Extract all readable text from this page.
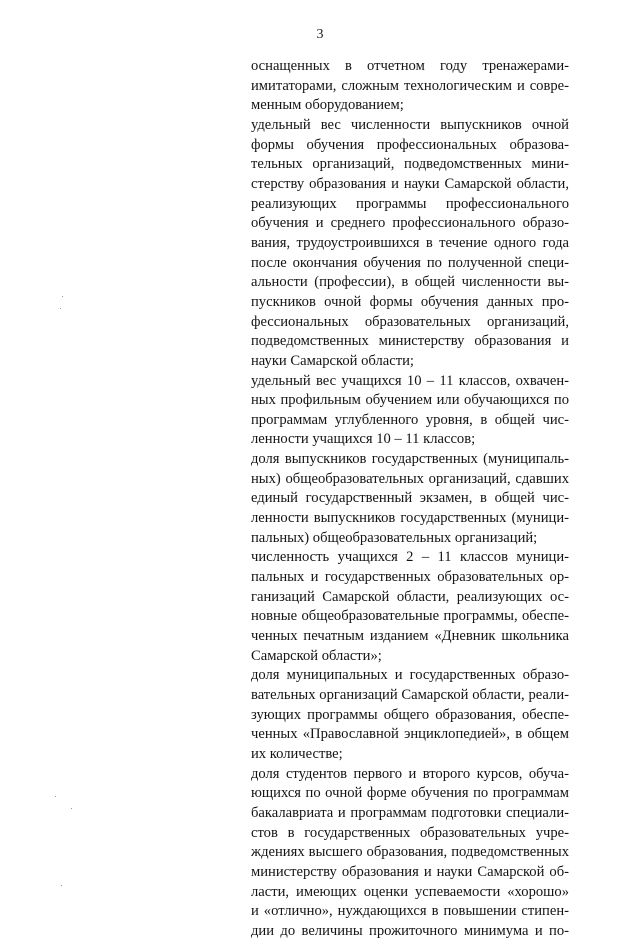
3
оснащенных в отчетном году тренажерами-
имитаторами, сложным технологическим и совре-
менным оборудованием;
удельный вес численности выпускников очной
формы обучения профессиональных образова-
тельных организаций, подведомственных мини-
стерству образования и науки Самарской области,
реализующих программы профессионального
обучения и среднего профессионального образо-
вания, трудоустроившихся в течение одного года
после окончания обучения по полученной специ-
альности (профессии), в общей численности вы-
пускников очной формы обучения данных про-
фессиональных образовательных организаций,
подведомственных министерству образования и
науки Самарской области;
удельный вес учащихся 10 – 11 классов, охвачен-
ных профильным обучением или обучающихся по
программам углубленного уровня, в общей чис-
ленности учащихся 10 – 11 классов;
доля выпускников государственных (муниципаль-
ных) общеобразовательных организаций, сдавших
единый государственный экзамен, в общей чис-
ленности выпускников государственных (муници-
пальных) общеобразовательных организаций;
численность учащихся 2 – 11 классов муници-
пальных и государственных образовательных ор-
ганизаций Самарской области, реализующих ос-
новные общеобразовательные программы, обеспе-
ченных печатным изданием «Дневник школьника
Самарской области»;
доля муниципальных и государственных образо-
вательных организаций Самарской области, реали-
зующих программы общего образования, обеспе-
ченных «Православной энциклопедией», в общем
их количестве;
доля студентов первого и второго курсов, обуча-
ющихся по очной форме обучения по программам
бакалавриата и программам подготовки специали-
стов в государственных образовательных учре-
ждениях высшего образования, подведомственных
министерству образования и науки Самарской об-
ласти, имеющих оценки успеваемости «хорошо»
и «отлично», нуждающихся в повышении стипен-
дии до величины прожиточного минимума и по-
